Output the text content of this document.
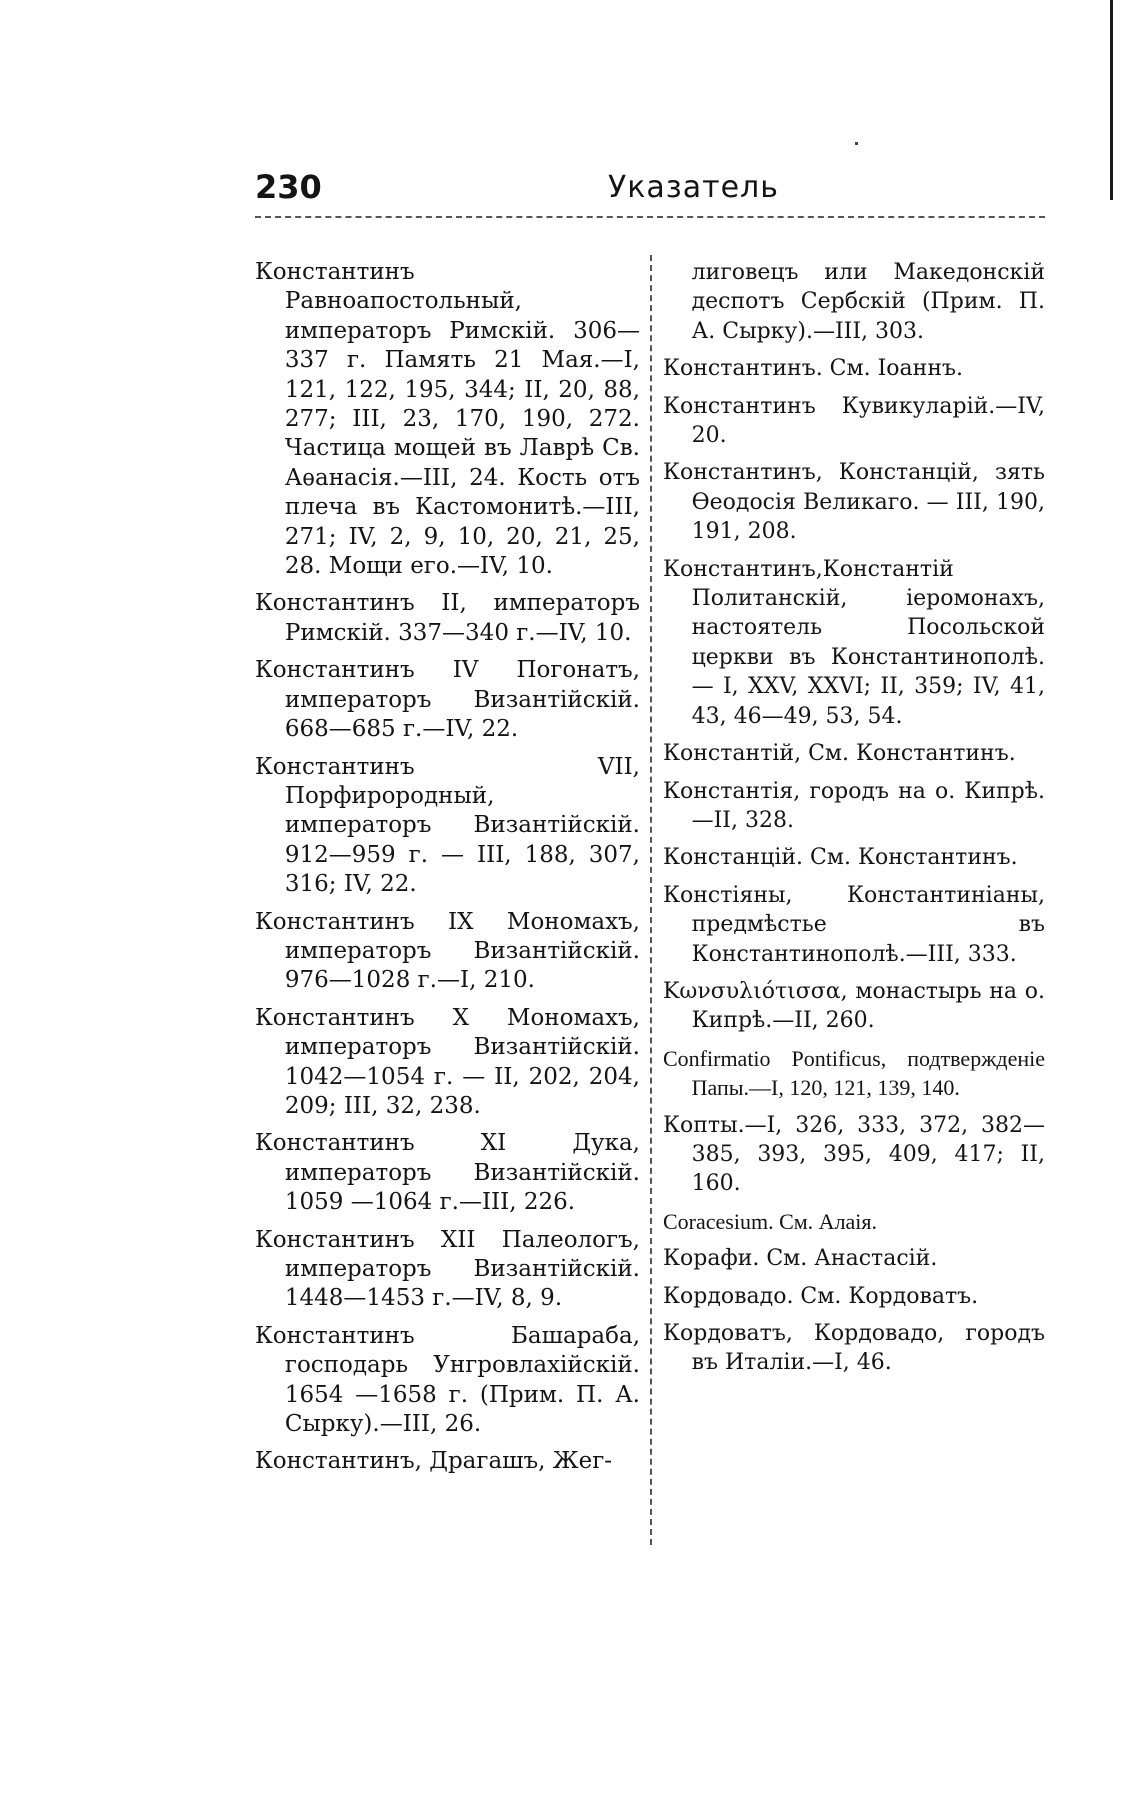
230	Указатель

Константинъ Равноапостольный, императоръ Римскій. 306—337 г. Память 21 Мая.—I, 121, 122, 195, 344; II, 20, 88, 277; III, 23, 170, 190, 272. Частица мощей въ Лаврѣ Св. Аѳанасія.—III, 24. Кость отъ плеча въ Кастомонитѣ.—III, 271; IV, 2, 9, 10, 20, 21, 25, 28. Мощи его.—IV, 10.

Константинъ II, императоръ Римскій. 337—340 г.—IV, 10.

Константинъ IV Погонатъ, императоръ Византійскій. 668—685 г.—IV, 22.

Константинъ VII, Порфирородный, императоръ Византійскій. 912—959 г. — III, 188, 307, 316; IV, 22.

Константинъ IX Мономахъ, императоръ Византійскій. 976—1028 г.—I, 210.

Константинъ X Мономахъ, императоръ Византійскій. 1042—1054 г. — II, 202, 204, 209; III, 32, 238.

Константинъ XI Дука, императоръ Византійскій. 1059 —1064 г.—III, 226.

Константинъ XII Палеологъ, императоръ Византійскій. 1448—1453 г.—IV, 8, 9.

Константинъ Башараба, господарь Унгровлахійскій. 1654 —1658 г. (Прим. П. А. Сырку).—III, 26.

Константинъ, Драгашъ, Жег-

лиговецъ или Македонскій деспотъ Сербскій (Прим. П. А. Сырку).—III, 303.

Константинъ. См. Іоаннъ.

Константинъ Кувикуларій.—IV, 20.

Константинъ, Констанцій, зять Ѳеодосія Великаго. — III, 190, 191, 208.

Константинъ,Константій Политанскій, іеромонахъ, настоятель Посольской церкви въ Константинополѣ. — I, XXV, XXVI; II, 359; IV, 41, 43, 46—49, 53, 54.

Константій, См. Константинъ.

Константія, городъ на о. Кипрѣ.—II, 328.

Констанцій. См. Константинъ.

Констіяны, Константиніаны, предмѣстье въ Константинополѣ.—III, 333.

Κωνσυλιότισσα, монастырь на о. Кипрѣ.—II, 260.

Confirmatio Pontificus, подтвержденіе Папы.—I, 120, 121, 139, 140.

Копты.—I, 326, 333, 372, 382—385, 393, 395, 409, 417; II, 160.

Coracesium. См. Алаія.

Корафи. См. Анастасій.

Кордовадо. См. Кордоватъ.

Кордоватъ, Кордовадо, городъ въ Италіи.—I, 46.
